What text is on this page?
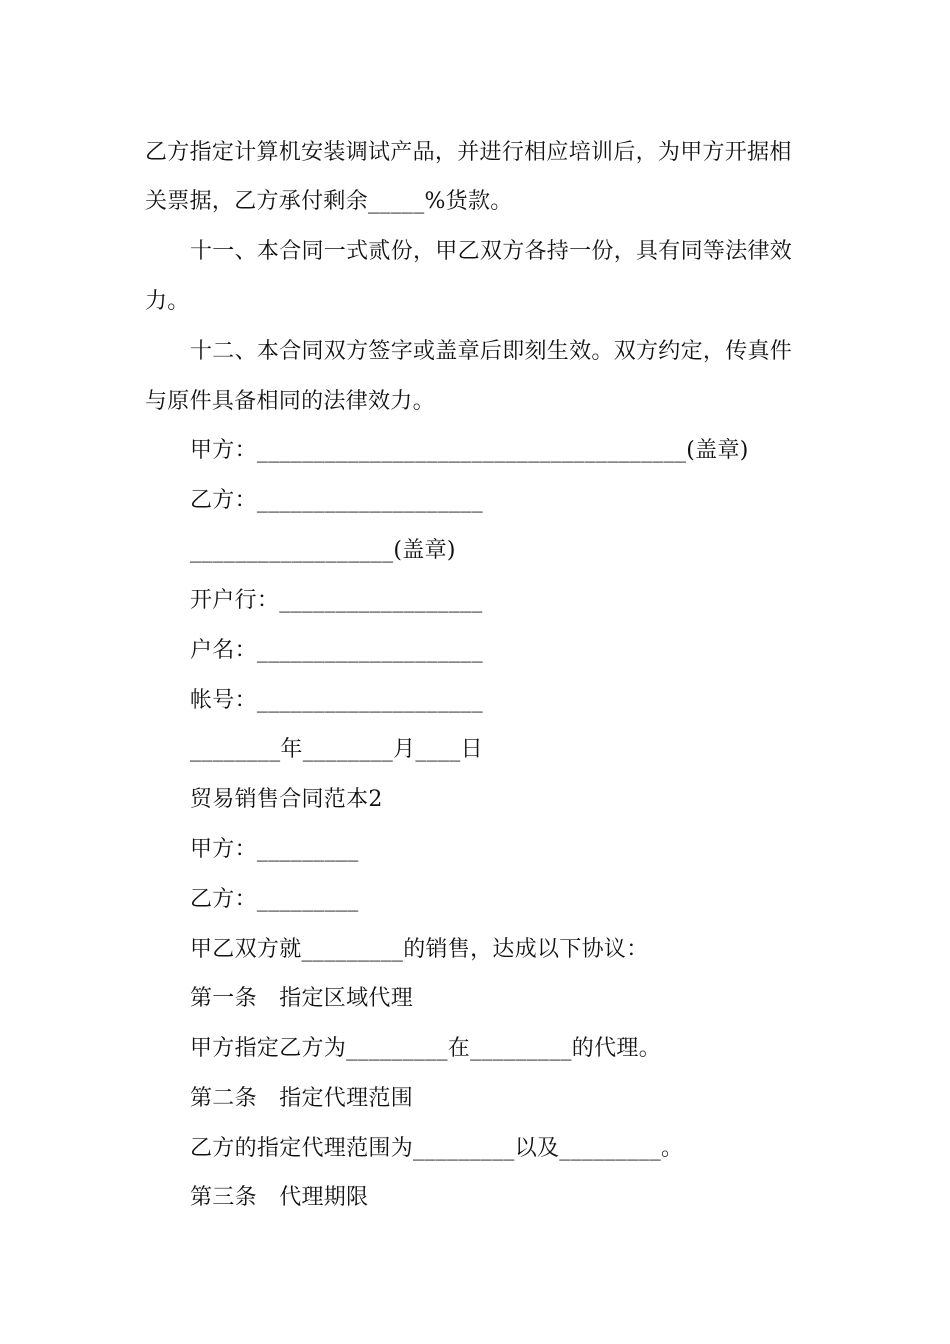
乙方指定计算机安装调试产品，并进行相应培训后，为甲方开据相
关票据，乙方承付剩余_____%货款。
十一、本合同一式贰份，甲乙双方各持一份，具有同等法律效
力。
十二、本合同双方签字或盖章后即刻生效。双方约定，传真件
与原件具备相同的法律效力。
甲方：______________________________________(盖章)
乙方：____________________
__________________(盖章)
开户行：__________________
户名：____________________
帐号：____________________
________年________月____日
贸易销售合同范本2
甲方：_________
乙方：_________
甲乙双方就_________的销售，达成以下协议：
第一条　指定区域代理
甲方指定乙方为_________在_________的代理。
第二条　指定代理范围
乙方的指定代理范围为_________以及_________。
第三条　代理期限
